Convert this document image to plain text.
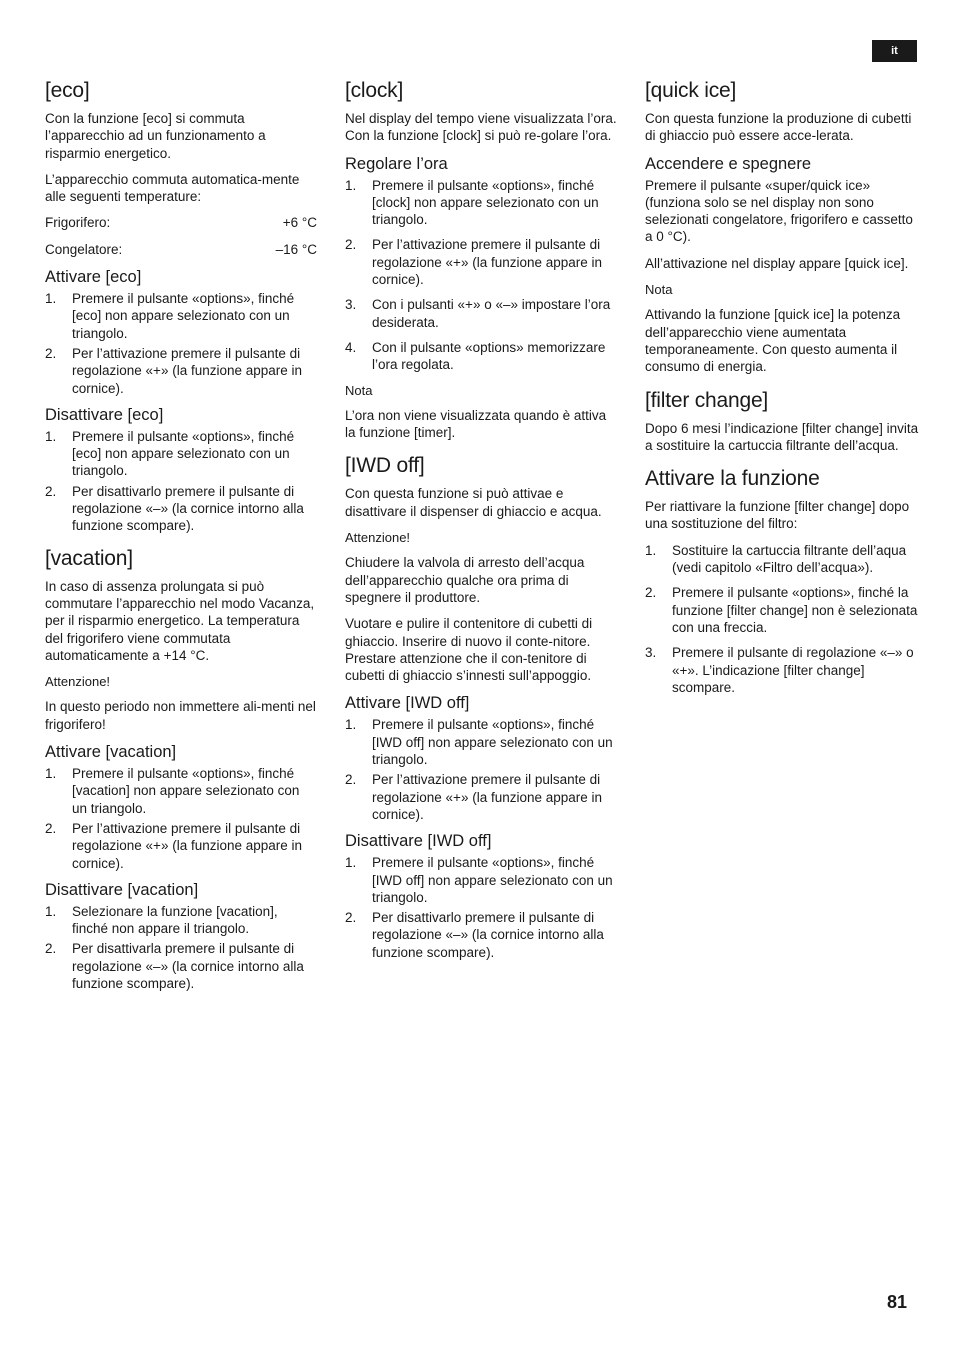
it
[eco]

Con la funzione [eco] si commuta l’apparecchio ad un funzionamento a risparmio energetico.

L’apparecchio commuta automatica-mente alle seguenti temperature:

Frigorifero:	+6 °C
Congelatore:	–16 °C
Attivare [eco]
1. Premere il pulsante «options», finché [eco] non appare selezionato con un triangolo.
2. Per l’attivazione premere il pulsante di regolazione «+» (la funzione appare in cornice).
Disattivare [eco]
1. Premere il pulsante «options», finché [eco] non appare selezionato con un triangolo.
2. Per disattivarlo premere il pulsante di regolazione «–» (la cornice intorno alla funzione scompare).
[vacation]

In caso di assenza prolungata si può commutare l’apparecchio nel modo Vacanza, per il risparmio energetico. La temperatura del frigorifero viene commutata automaticamente a +14 °C.

Attenzione!

In questo periodo non immettere ali-menti nel frigorifero!

Attivare [vacation]
1. Premere il pulsante «options», finché [vacation] non appare selezionato con un triangolo.
2. Per l’attivazione premere il pulsante di regolazione «+» (la funzione appare in cornice).
Disattivare [vacation]
1. Selezionare la funzione [vacation], finché non appare il triangolo.
2. Per disattivarla premere il pulsante di regolazione «–» (la cornice intorno alla funzione scompare).
[clock]

Nel display del tempo viene visualizzata l’ora. Con la funzione [clock] si può re-golare l’ora.

Regolare l’ora
1. Premere il pulsante «options», finché [clock] non appare selezionato con un triangolo.
2. Per l’attivazione premere il pulsante di regolazione «+» (la funzione appare in cornice).
3. Con i pulsanti «+» o «–» impostare l’ora desiderata.
4. Con il pulsante «options» memorizzare l’ora regolata.

Nota

L’ora non viene visualizzata quando è attiva la funzione [timer].

[IWD off]

Con questa funzione si può attivae e disattivare il dispenser di ghiaccio e acqua.

Attenzione!

Chiudere la valvola di arresto dell’acqua dell’apparecchio qualche ora prima di spegnere il produttore.

Vuotare e pulire il contenitore di cubetti di ghiaccio. Inserire di nuovo il conte-nitore. Prestare attenzione che il con-tenitore di cubetti di ghiaccio s’innesti sull’appoggio.

Attivare [IWD off]
1. Premere il pulsante «options», finché [IWD off] non appare selezionato con un triangolo.
2. Per l’attivazione premere il pulsante di regolazione «+» (la funzione appare in cornice).
Disattivare [IWD off]
1. Premere il pulsante «options», finché [IWD off] non appare selezionato con un triangolo.
2. Per disattivarlo premere il pulsante di regolazione «–» (la cornice intorno alla funzione scompare).
[quick ice]

Con questa funzione la produzione di cubetti di ghiaccio può essere acce-lerata.

Accendere e spegnere

Premere il pulsante «super/quick ice» (funziona solo se nel display non sono selezionati congelatore, frigorifero e cassetto a 0 °C).

All’attivazione nel display appare [quick ice].

Nota

Attivando la funzione [quick ice] la potenza dell’apparecchio viene aumentata temporaneamente. Con questo aumenta il consumo di energia.

[filter change]

Dopo 6 mesi l’indicazione [filter change] invita a sostituire la cartuccia filtrante dell’acqua.

Attivare la funzione

Per riattivare la funzione [filter change] dopo una sostituzione del filtro:

1. Sostituire la cartuccia filtrante dell’aqua (vedi capitolo «Filtro dell’acqua»).
2. Premere il pulsante «options», finché la funzione [filter change] non è selezionata con una freccia.
3. Premere il pulsante di regolazione «–» o «+». L’indicazione [filter change] scompare.
81
